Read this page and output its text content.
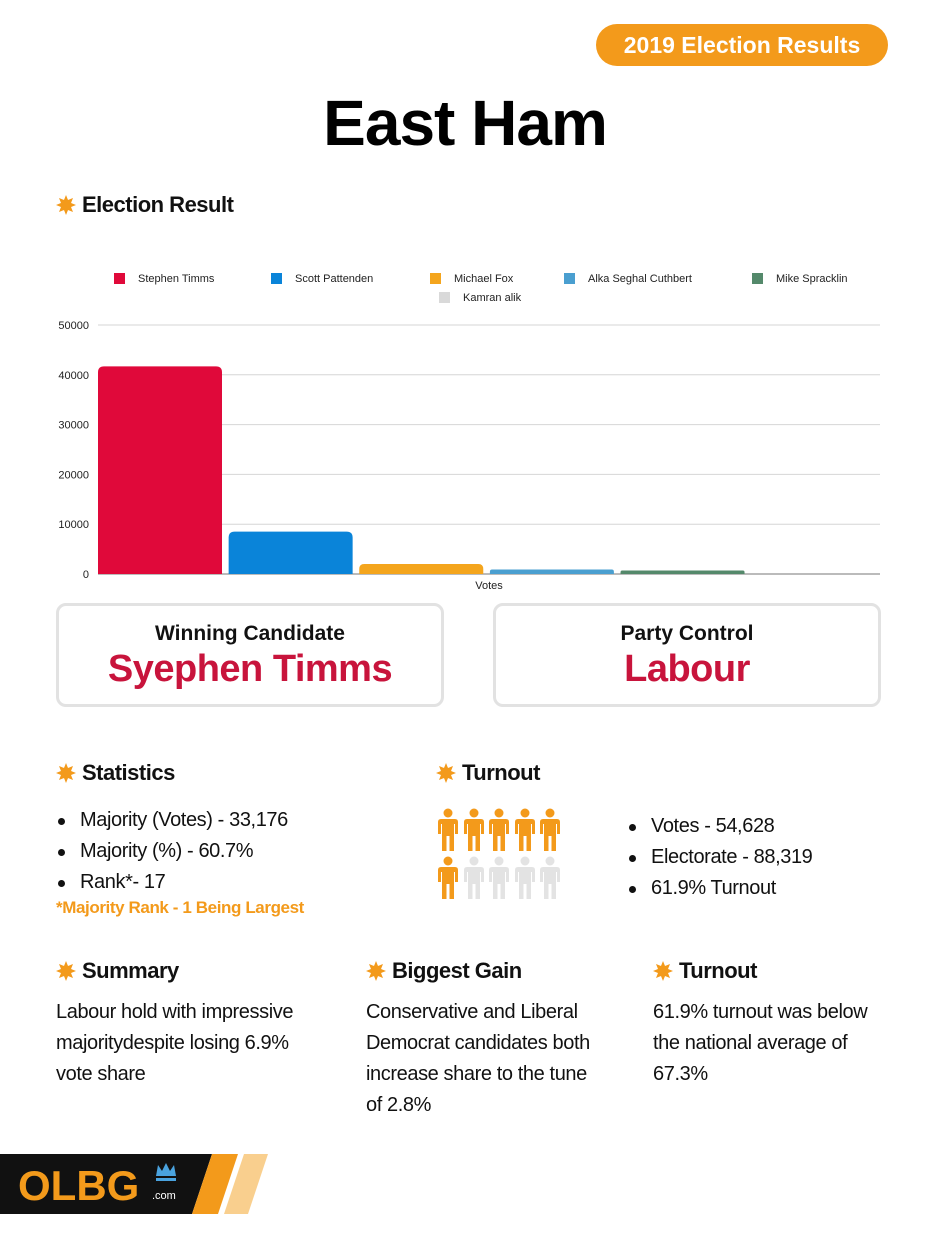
2019 Election Results
East Ham
Election Result
0
10000
20000
30000
40000
50000
Votes
Stephen Timms	Scott Pattenden	Michael Fox	Alka Seghal Cuthbert	Mike Spracklin
Kamran alik
Winning Candidate
Syephen Timms
Party Control
Labour
Statistics
Majority (Votes) - 33,176
Majority (%) - 60.7%
Rank*- 17
*Majority Rank - 1 Being Largest
Turnout
Votes - 54,628
Electorate - 88,319
61.9% Turnout
Summary
Labour hold with impressive
majoritydespite losing 6.9%
vote share
Biggest Gain
Conservative and Liberal
Democrat candidates both
increase share to the tune
of 2.8%
Turnout
61.9% turnout was below
the national average of
67.3%
OLBG .com
